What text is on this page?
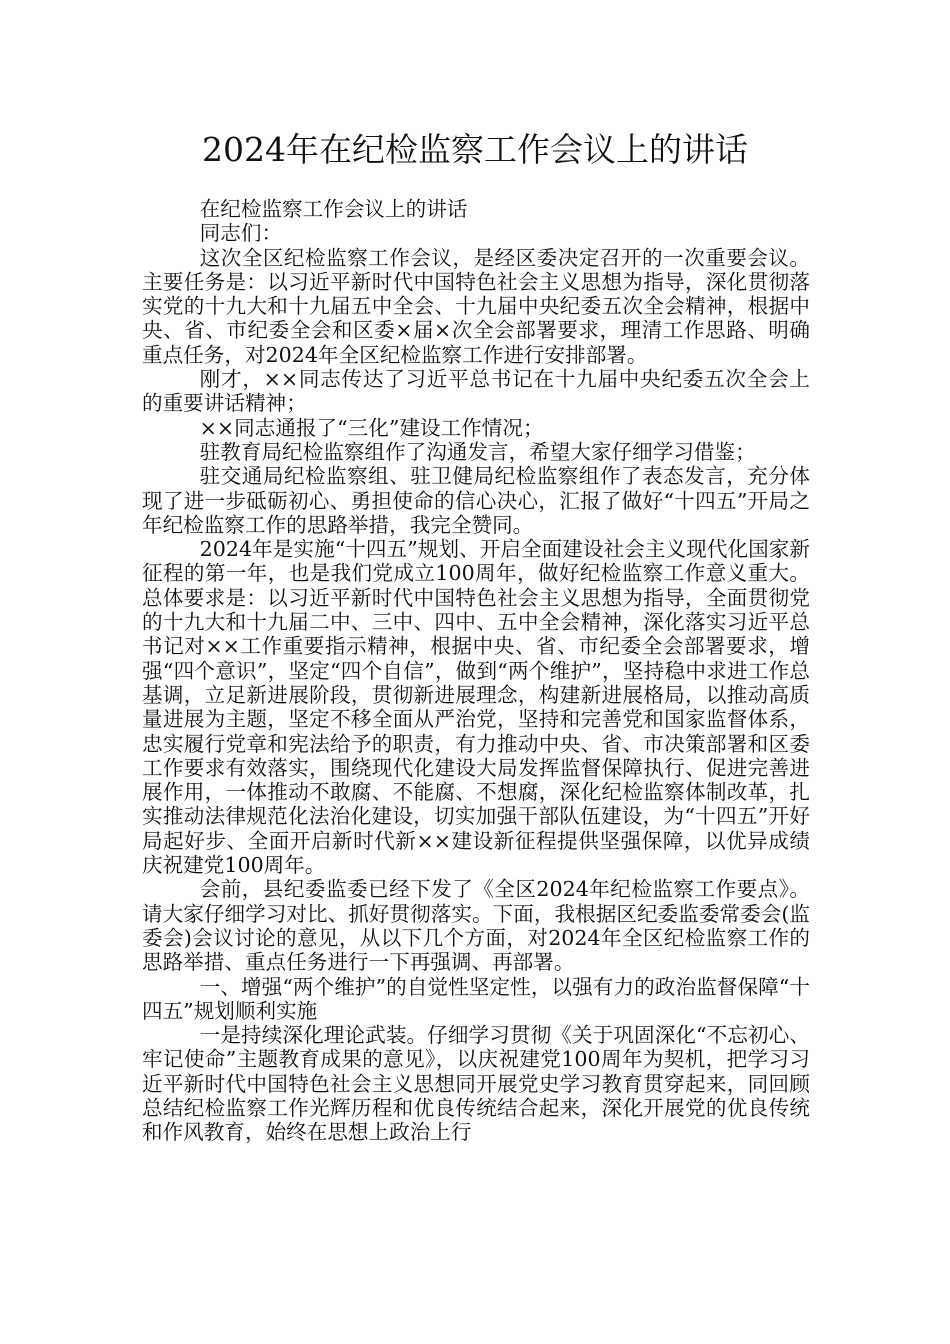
2024年在纪检监察工作会议上的讲话

在纪检监察工作会议上的讲话

同志们：

这次全区纪检监察工作会议，是经区委决定召开的一次重要会议。主要任务是：以习近平新时代中国特色社会主义思想为指导，深化贯彻落实党的十九大和十九届五中全会、十九届中央纪委五次全会精神，根据中央、省、市纪委全会和区委×届×次全会部署要求，理清工作思路、明确重点任务，对2024年全区纪检监察工作进行安排部署。

刚才，××同志传达了习近平总书记在十九届中央纪委五次全会上的重要讲话精神；

××同志通报了“三化”建设工作情况；

驻教育局纪检监察组作了沟通发言，希望大家仔细学习借鉴；

驻交通局纪检监察组、驻卫健局纪检监察组作了表态发言，充分体现了进一步砥砺初心、勇担使命的信心决心，汇报了做好“十四五”开局之年纪检监察工作的思路举措，我完全赞同。

2024年是实施“十四五”规划、开启全面建设社会主义现代化国家新征程的第一年，也是我们党成立100周年，做好纪检监察工作意义重大。总体要求是：以习近平新时代中国特色社会主义思想为指导，全面贯彻党的十九大和十九届二中、三中、四中、五中全会精神，深化落实习近平总书记对××工作重要指示精神，根据中央、省、市纪委全会部署要求，增强“四个意识”，坚定“四个自信”，做到“两个维护”，坚持稳中求进工作总基调，立足新进展阶段，贯彻新进展理念，构建新进展格局，以推动高质量进展为主题，坚定不移全面从严治党，坚持和完善党和国家监督体系，忠实履行党章和宪法给予的职责，有力推动中央、省、市决策部署和区委工作要求有效落实，围绕现代化建设大局发挥监督保障执行、促进完善进展作用，一体推动不敢腐、不能腐、不想腐，深化纪检监察体制改革，扎实推动法律规范化法治化建设，切实加强干部队伍建设，为“十四五”开好局起好步、全面开启新时代新××建设新征程提供坚强保障，以优异成绩庆祝建党100周年。

会前，县纪委监委已经下发了《全区2024年纪检监察工作要点》。请大家仔细学习对比、抓好贯彻落实。下面，我根据区纪委监委常委会(监委会)会议讨论的意见，从以下几个方面，对2024年全区纪检监察工作的思路举措、重点任务进行一下再强调、再部署。

一、增强“两个维护”的自觉性坚定性，以强有力的政治监督保障“十四五”规划顺利实施

一是持续深化理论武装。仔细学习贯彻《关于巩固深化“不忘初心、牢记使命”主题教育成果的意见》，以庆祝建党100周年为契机，把学习习近平新时代中国特色社会主义思想同开展党史学习教育贯穿起来，同回顾总结纪检监察工作光辉历程和优良传统结合起来，深化开展党的优良传统和作风教育，始终在思想上政治上行
